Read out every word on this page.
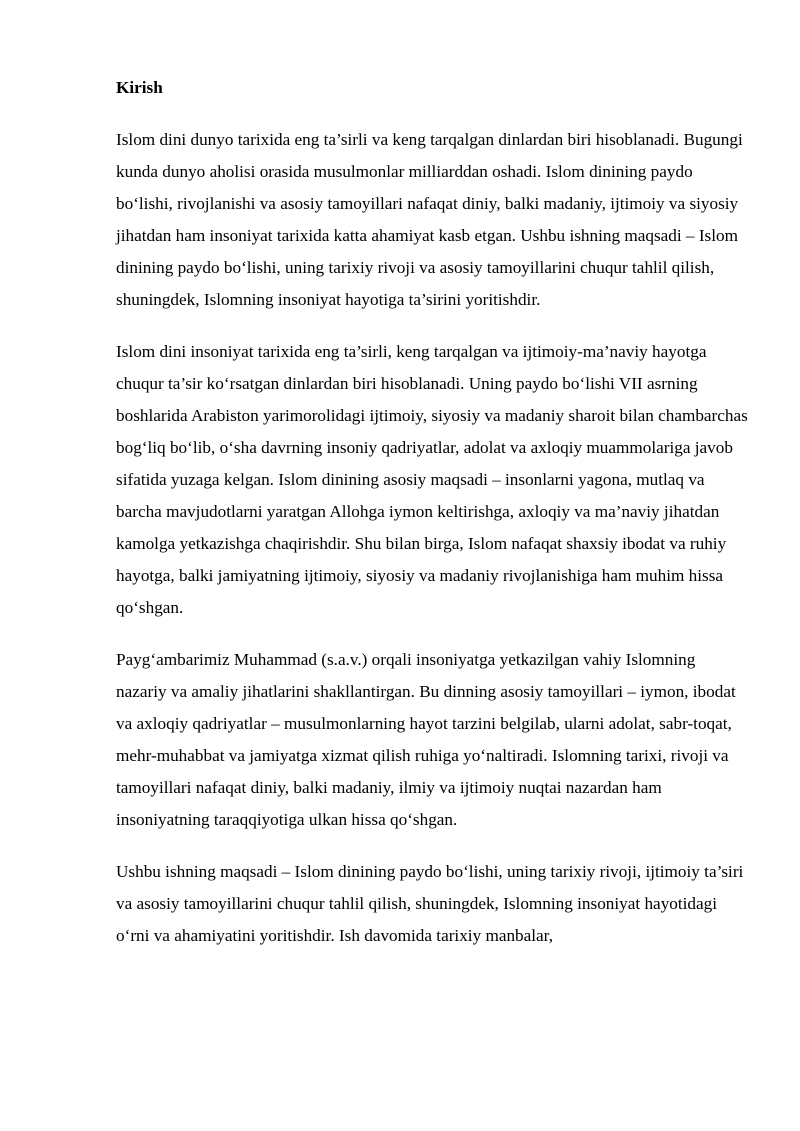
Kirish

Islom dini dunyo tarixida eng ta’sirli va keng tarqalgan dinlardan biri hisoblanadi. Bugungi kunda dunyo aholisi orasida musulmonlar milliarddan oshadi. Islom dinining paydo bo‘lishi, rivojlanishi va asosiy tamoyillari nafaqat diniy, balki madaniy, ijtimoiy va siyosiy jihatdan ham insoniyat tarixida katta ahamiyat kasb etgan. Ushbu ishning maqsadi – Islom dinining paydo bo‘lishi, uning tarixiy rivoji va asosiy tamoyillarini chuqur tahlil qilish, shuningdek, Islomning insoniyat hayotiga ta’sirini yoritishdir.

Islom dini insoniyat tarixida eng ta’sirli, keng tarqalgan va ijtimoiy-ma’naviy hayotga chuqur ta’sir ko‘rsatgan dinlardan biri hisoblanadi. Uning paydo bo‘lishi VII asrning boshlarida Arabiston yarimorolidagi ijtimoiy, siyosiy va madaniy sharoit bilan chambarchas bog‘liq bo‘lib, o‘sha davrning insoniy qadriyatlar, adolat va axloqiy muammolariga javob sifatida yuzaga kelgan. Islom dinining asosiy maqsadi – insonlarni yagona, mutlaq va barcha mavjudotlarni yaratgan Allohga iymon keltirishga, axloqiy va ma’naviy jihatdan kamolga yetkazishga chaqirishdir. Shu bilan birga, Islom nafaqat shaxsiy ibodat va ruhiy hayotga, balki jamiyatning ijtimoiy, siyosiy va madaniy rivojlanishiga ham muhim hissa qo‘shgan.

Payg‘ambarimiz Muhammad (s.a.v.) orqali insoniyatga yetkazilgan vahiy Islomning nazariy va amaliy jihatlarini shakllantirgan. Bu dinning asosiy tamoyillari – iymon, ibodat va axloqiy qadriyatlar – musulmonlarning hayot tarzini belgilab, ularni adolat, sabr-toqat, mehr-muhabbat va jamiyatga xizmat qilish ruhiga yo‘naltiradi. Islomning tarixi, rivoji va tamoyillari nafaqat diniy, balki madaniy, ilmiy va ijtimoiy nuqtai nazardan ham insoniyatning taraqqiyotiga ulkan hissa qo‘shgan.

Ushbu ishning maqsadi – Islom dinining paydo bo‘lishi, uning tarixiy rivoji, ijtimoiy ta’siri va asosiy tamoyillarini chuqur tahlil qilish, shuningdek, Islomning insoniyat hayotidagi o‘rni va ahamiyatini yoritishdir. Ish davomida tarixiy manbalar,
